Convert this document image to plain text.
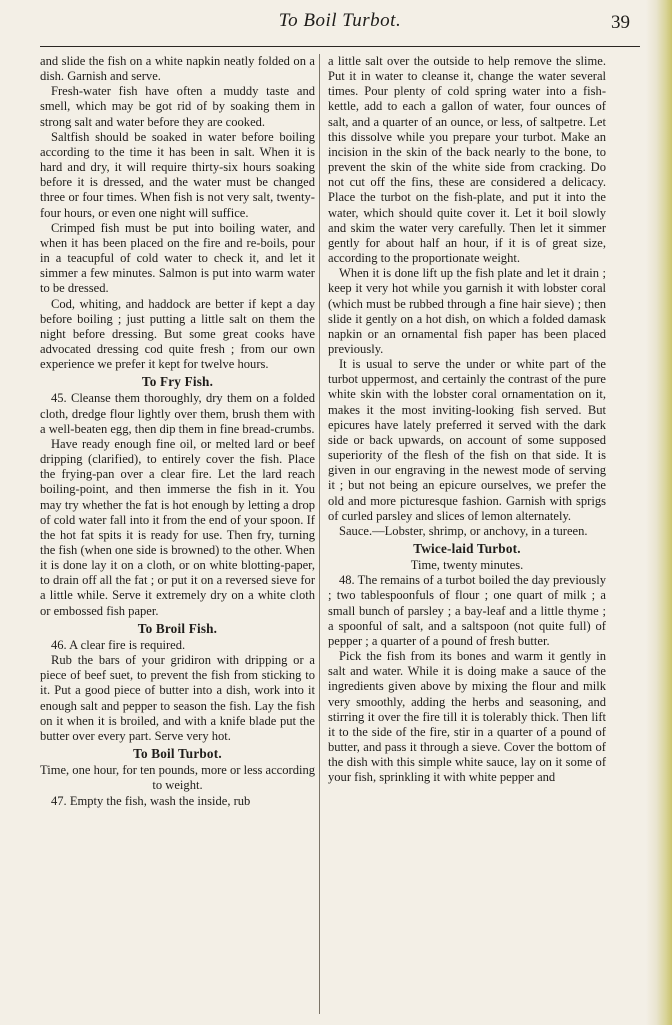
To Boil Turbot.	39

and slide the fish on a white napkin neatly folded on a dish. Garnish and serve.

Fresh-water fish have often a muddy taste and smell, which may be got rid of by soaking them in strong salt and water before they are cooked.

Saltfish should be soaked in water before boiling according to the time it has been in salt. When it is hard and dry, it will require thirty-six hours soaking before it is dressed, and the water must be changed three or four times. When fish is not very salt, twenty-four hours, or even one night will suffice.

Crimped fish must be put into boiling water, and when it has been placed on the fire and re-boils, pour in a teacupful of cold water to check it, and let it simmer a few minutes. Salmon is put into warm water to be dressed.

Cod, whiting, and haddock are better if kept a day before boiling ; just putting a little salt on them the night before dressing. But some great cooks have advocated dressing cod quite fresh ; from our own experience we prefer it kept for twelve hours.

To Fry Fish.

45. Cleanse them thoroughly, dry them on a folded cloth, dredge flour lightly over them, brush them with a well-beaten egg, then dip them in fine bread-crumbs.

Have ready enough fine oil, or melted lard or beef dripping (clarified), to entirely cover the fish. Place the frying-pan over a clear fire. Let the lard reach boiling-point, and then immerse the fish in it. You may try whether the fat is hot enough by letting a drop of cold water fall into it from the end of your spoon. If the hot fat spits it is ready for use. Then fry, turning the fish (when one side is browned) to the other. When it is done lay it on a cloth, or on white blotting-paper, to drain off all the fat ; or put it on a reversed sieve for a little while. Serve it extremely dry on a white cloth or embossed fish paper.

To Broil Fish.

46. A clear fire is required.

Rub the bars of your gridiron with dripping or a piece of beef suet, to prevent the fish from sticking to it. Put a good piece of butter into a dish, work into it enough salt and pepper to season the fish. Lay the fish on it when it is broiled, and with a knife blade put the butter over every part. Serve very hot.

To Boil Turbot.

Time, one hour, for ten pounds, more or less according to weight.

47. Empty the fish, wash the inside, rub

a little salt over the outside to help remove the slime. Put it in water to cleanse it, change the water several times. Pour plenty of cold spring water into a fish-kettle, add to each a gallon of water, four ounces of salt, and a quarter of an ounce, or less, of saltpetre. Let this dissolve while you prepare your turbot. Make an incision in the skin of the back nearly to the bone, to prevent the skin of the white side from cracking. Do not cut off the fins, these are considered a delicacy. Place the turbot on the fish-plate, and put it into the water, which should quite cover it. Let it boil slowly and skim the water very carefully. Then let it simmer gently for about half an hour, if it is of great size, according to the proportionate weight.

When it is done lift up the fish plate and let it drain ; keep it very hot while you garnish it with lobster coral (which must be rubbed through a fine hair sieve) ; then slide it gently on a hot dish, on which a folded damask napkin or an ornamental fish paper has been placed previously.

It is usual to serve the under or white part of the turbot uppermost, and certainly the contrast of the pure white skin with the lobster coral ornamentation on it, makes it the most inviting-looking fish served. But epicures have lately preferred it served with the dark side or back upwards, on account of some supposed superiority of the flesh of the fish on that side. It is given in our engraving in the newest mode of serving it ; but not being an epicure ourselves, we prefer the old and more picturesque fashion. Garnish with sprigs of curled parsley and slices of lemon alternately.

Sauce.—Lobster, shrimp, or anchovy, in a tureen.

Twice-laid Turbot.

Time, twenty minutes.

48. The remains of a turbot boiled the day previously ; two tablespoonfuls of flour ; one quart of milk ; a small bunch of parsley ; a bay-leaf and a little thyme ; a spoonful of salt, and a saltspoon (not quite full) of pepper ; a quarter of a pound of fresh butter.

Pick the fish from its bones and warm it gently in salt and water. While it is doing make a sauce of the ingredients given above by mixing the flour and milk very smoothly, adding the herbs and seasoning, and stirring it over the fire till it is tolerably thick. Then lift it to the side of the fire, stir in a quarter of a pound of butter, and pass it through a sieve. Cover the bottom of the dish with this simple white sauce, lay on it some of your fish, sprinkling it with white pepper and
